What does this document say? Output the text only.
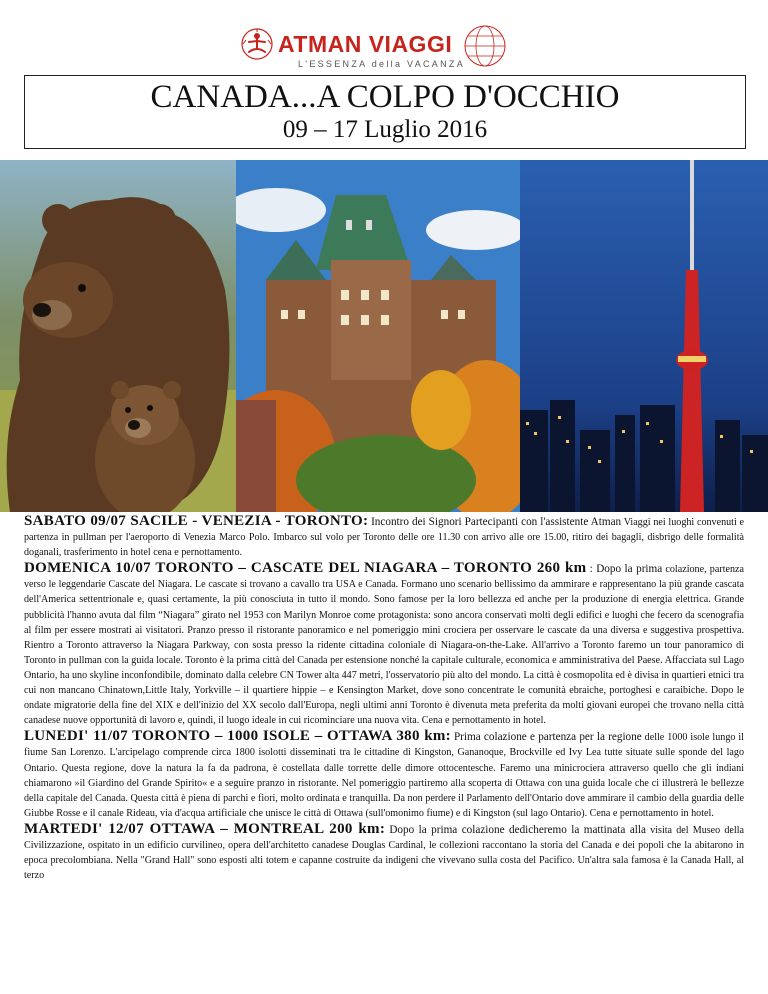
ATMAN VIAGGI
L'ESSENZA della VACANZA
CANADA...A COLPO D'OCCHIO
09 – 17 Luglio 2016

SABATO 09/07 SACILE - VENEZIA - TORONTO: Incontro dei Signori Partecipanti con l'assistente Atman Viaggi nei luoghi convenuti e partenza in pullman per l'aeroporto di Venezia Marco Polo. Imbarco sul volo per Toronto delle ore 11.30 con arrivo alle ore 15.00, ritiro dei bagagli, disbrigo delle formalità doganali, trasferimento in hotel cena e pernottamento.

DOMENICA 10/07 TORONTO – CASCATE DEL NIAGARA – TORONTO 260 km : Dopo la prima colazione, partenza verso le leggendarie Cascate del Niagara. Le cascate si trovano a cavallo tra USA e Canada. Formano uno scenario bellissimo da ammirare e rappresentano la più grande cascata dell'America settentrionale e, quasi certamente, la più conosciuta in tutto il mondo. Sono famose per la loro bellezza ed anche per la produzione di energia elettrica. Grande pubblicità l'hanno avuta dal film “Niagara” girato nel 1953 con Marilyn Monroe come protagonista: sono ancora conservati molti degli edifici e luoghi che fecero da scenografia al film per essere mostrati ai visitatori. Pranzo presso il ristorante panoramico e nel pomeriggio mini crociera per osservare le cascate da una diversa e suggestiva prospettiva. Rientro a Toronto attraverso la Niagara Parkway, con sosta presso la ridente cittadina coloniale di Niagara-on-the-Lake. All'arrivo a Toronto faremo un tour panoramico di Toronto in pullman con la guida locale. Toronto è la prima città del Canada per estensione nonché la capitale culturale, economica e amministrativa del Paese. Affacciata sul Lago Ontario, ha uno skyline inconfondibile, dominato dalla celebre CN Tower alta 447 metri, l'osservatorio più alto del mondo. La città è cosmopolita ed è divisa in quartieri etnici tra cui non mancano Chinatown,Little Italy, Yorkville – il quartiere hippie – e Kensington Market, dove sono concentrate le comunità ebraiche, portoghesi e caraibiche. Dopo le ondate migratorie della fine del XIX e dell'inizio del XX secolo dall'Europa, negli ultimi anni Toronto è divenuta meta preferita da molti giovani europei che trovano nella città canadese nuove opportunità di lavoro e, quindi, il luogo ideale in cui ricominciare una nuova vita. Cena e pernottamento in hotel.

LUNEDI' 11/07 TORONTO – 1000 ISOLE – OTTAWA 380 km: Prima colazione e partenza per la regione delle 1000 isole lungo il fiume San Lorenzo. L'arcipelago comprende circa 1800 isolotti disseminati tra le cittadine di Kingston, Gananoque, Brockville ed Ivy Lea tutte situate sulle sponde del lago Ontario. Questa regione, dove la natura la fa da padrona, è costellata dalle torrette delle dimore ottocentesche. Faremo una minicrociera attraverso quello che gli indiani chiamarono »il Giardino del Grande Spirito« e a seguire pranzo in ristorante. Nel pomeriggio partiremo alla scoperta di Ottawa con una guida locale che ci illustrerà le bellezze della capitale del Canada. Questa città è piena di parchi e fiori, molto ordinata e tranquilla. Da non perdere il Parlamento dell'Ontario dove ammirare il cambio della guardia delle Giubbe Rosse e il canale Rideau, via d'acqua artificiale che unisce le città di Ottawa (sull'omonimo fiume) e di Kingston (sul lago Ontario). Cena e pernottamento in hotel.

MARTEDI' 12/07 OTTAWA – MONTREAL 200 km: Dopo la prima colazione dedicheremo la mattinata alla visita del Museo della Civilizzazione, ospitato in un edificio curvilineo, opera dell'architetto canadese Douglas Cardinal, le collezioni raccontano la storia del Canada e dei popoli che la abitarono in epoca precolombiana. Nella "Grand Hall" sono esposti alti totem e capanne costruite da indigeni che vivevano sulla costa del Pacifico. Un'altra sala famosa è la Canada Hall, al terzo
